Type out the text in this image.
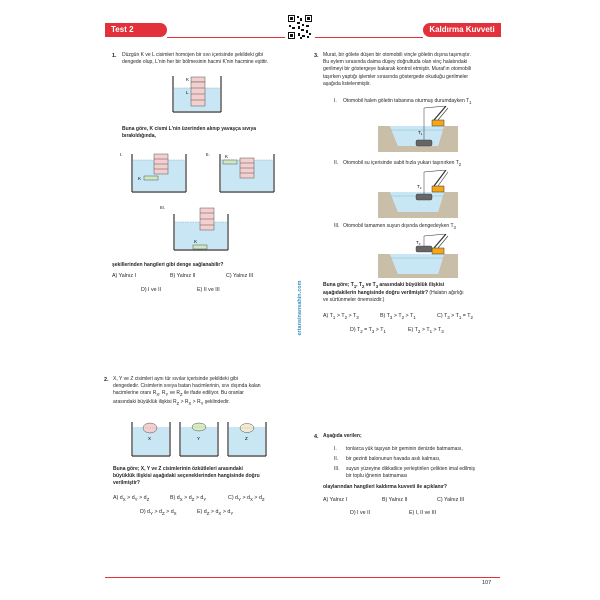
Test 2	Kaldırma Kuvveti
ertansinansahin.com
1. Düzgün K ve L cisimleri homojen bir sıvı içerisinde şekildeki gibi
dengede olup, L'nin her bir bölmesinin hacmi K'nin hacmine eşittir.
K
L
Buna göre, K cismi L'nin üzerinden alınıp yavaşça sıvıya
bırakıldığında,
I.
K
II.	K
III.
K
şekillerinden hangileri gibi denge sağlanabilir?
A) Yalnız I	B) Yalnız II	C) Yalnız III
D) I ve II	E) II ve III
2. X, Y ve Z cisimleri aynı tür sıvılar içerisinde şekildeki gibi
dengededir. Cisimlerin sıvıya batan hacimlerinin, sıvı dışında kalan
hacimlerine oranı $R_X$, $R_Y$ ve $R_Z$ ile ifade ediliyor. Bu oranlar
arasındaki büyüklük ilişkisi $R_Z > R_X > R_Y$ şeklindedir.
X	Y	Z
Buna göre; X, Y ve Z cisimlerinin özkütleleri arasındaki
büyüklük ilişkisi aşağıdaki seçeneklerinden hangisinde doğru
verilmiştir?
A) $d_X > d_Y > d_Z$	B) $d_X > d_Z > d_Y$	C) $d_Y > d_X > d_Z$
D) $d_Y > d_Z > d_X$	E) $d_Z > d_X > d_Y$
3. Murat, bir gölete düşen bir otomobili vinçle göletin dışına taşımıştır.
Bu eylem sırasında daima düşey doğrultuda olan vinç halatındaki
gerilmeyi bir göstergeye bakarak kontrol etmiştir. Murat'ın otomobili
taşırken yaptığı işlemler sırasında göstergede okuduğu gerilmeler
aşağıda listelenmiştir.
I. Otomobil halen göletin tabanına oturmuş durumdayken $T_1$
$T_1$
II. Otomobil su içerisinde sabit hızla yukarı taşınırken $T_2$
$T_2$
III. Otomobil tamamen suyun dışında dengedeyken $T_3$
$T_3$
Buna göre; $T_1$, $T_2$ ve $T_3$ arasındaki büyüklük ilişkisi
aşağıdakilerin hangisinde doğru verilmiştir? (Halatın ağırlığı
ve sürtünmeler önemsizdir.)
A) $T_1 > T_2 > T_3$	B) $T_3 > T_2 > T_1$	C) $T_3 > T_1 = T_2$
D) $T_2 = T_3 > T_1$	E) $T_2 > T_1 > T_3$
4. Aşağıda verilen;
I. tonlarca yük taşıyan bir geminin denizde batmaması,
II. bir gezinti balonunun havada asılı kalması,
III. suyun yüzeyine dikkatlice yerleştirilen çelikten imal edilmiş
bir toplu iğnenin batmaması
olaylarından hangileri kaldırma kuvveti ile açıklanır?
A) Yalnız I	B) Yalnız II	C) Yalnız III
D) I ve II	E) I, II ve III
107
